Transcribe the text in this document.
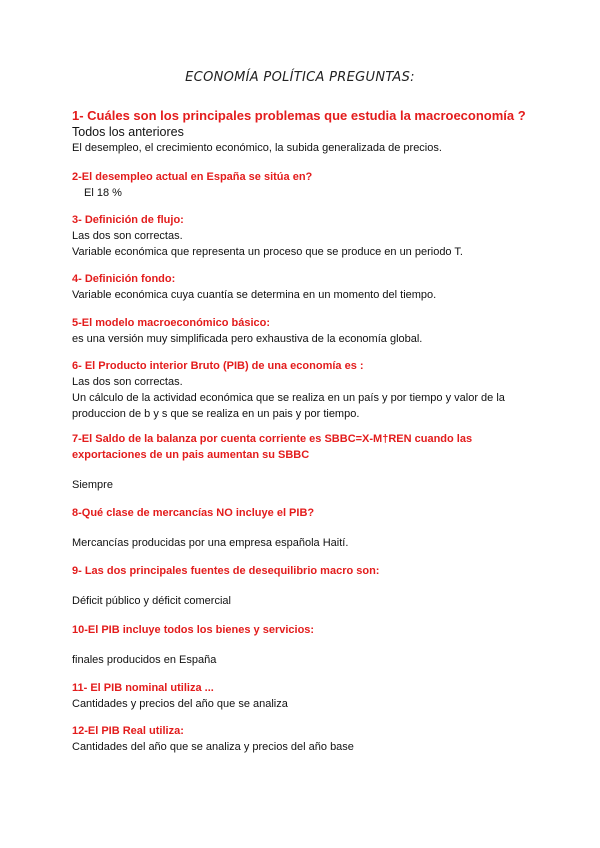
ECONOMÍA POLÍTICA PREGUNTAS:
1- Cuáles son los principales problemas que estudia la macroeconomía ?
Todos los anteriores
El desempleo, el crecimiento económico, la subida generalizada de precios.
2-El desempleo actual en España se sitúa en?
El 18 %
3- Definición de flujo:
Las dos son correctas.
Variable económica que representa un proceso que se produce en un periodo T.
4- Definición fondo:
Variable económica cuya cuantía se determina en un momento del tiempo.
5-El modelo macroeconómico básico:
es una versión muy simplificada pero exhaustiva de la economía global.
6- El Producto interior Bruto (PIB) de una economía es :
Las dos son correctas.
Un cálculo de la actividad económica que se realiza en un país y por tiempo y valor de la
produccion de b y s que se realiza en un pais y por tiempo.
7-El Saldo de la balanza por cuenta corriente es SBBC=X-M†REN cuando las
exportaciones de un pais aumentan su SBBC
Siempre
8-Qué clase de mercancías NO incluye el PIB?
Mercancías producidas por una empresa española Haití.
9- Las dos principales fuentes de desequilibrio macro son:
Déficit público y déficit comercial
10-El PIB incluye todos los bienes y servicios:
finales producidos en España
11- El PIB nominal utiliza ...
Cantidades y precios del año que se analiza
12-El PIB Real utiliza:
Cantidades del año que se analiza y precios del año base
